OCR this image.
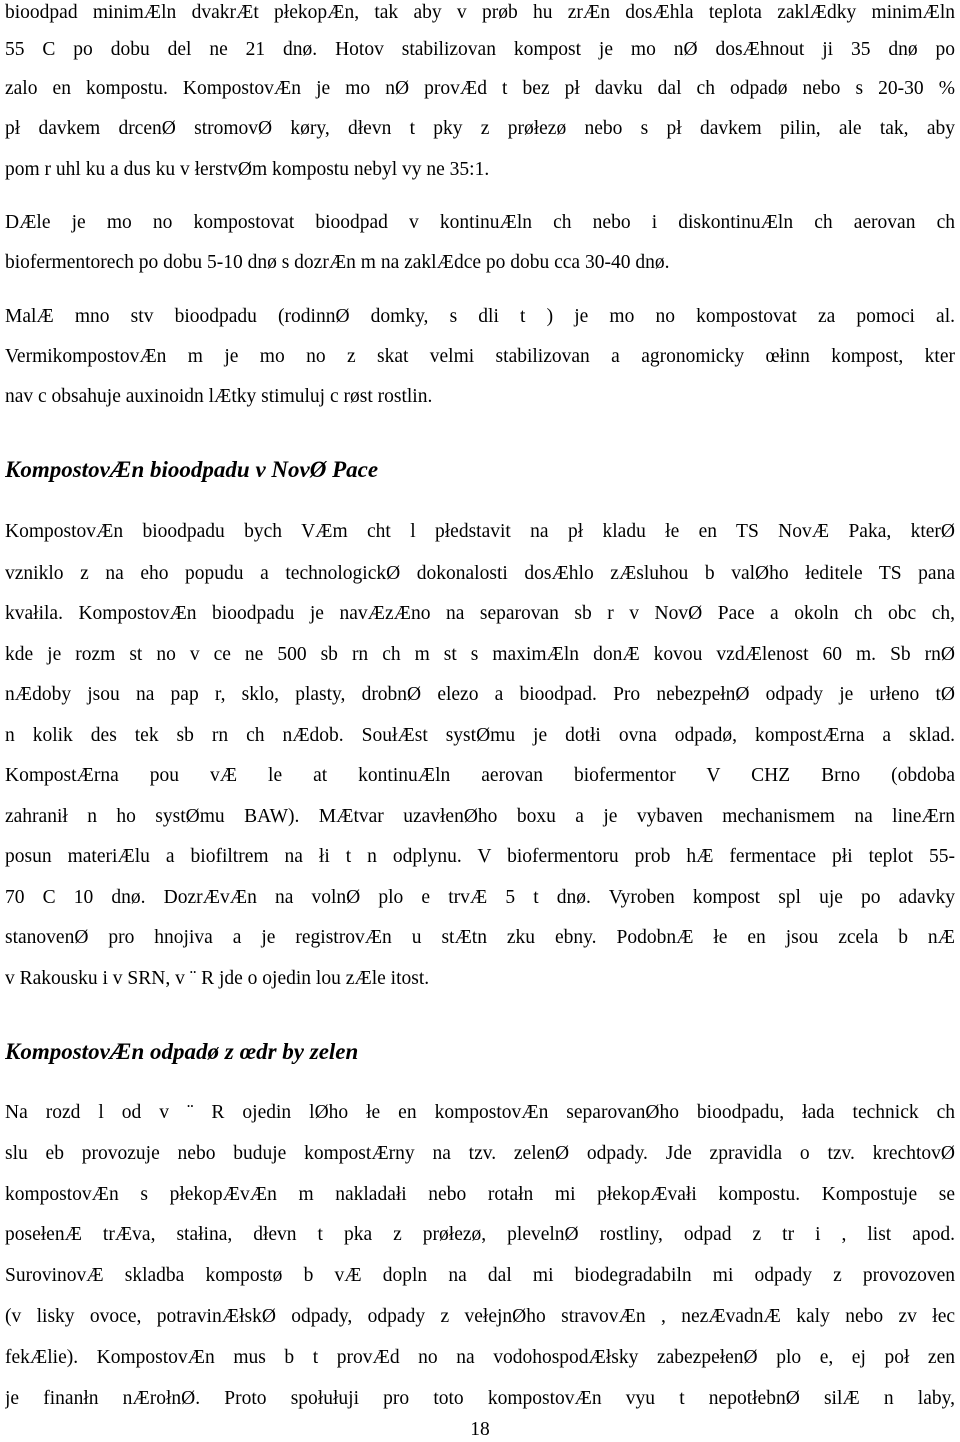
bioodpad minimÆln dvakrÆt płekopÆn, tak aby v prøb hu zrÆn dosÆhla teplota zaklÆdky minimÆln
55 C po dobu del ne 21 dnø. Hotov stabilizovan kompost je mo nØ dosÆhnout ji 35 dnø po
zalo en kompostu. KompostovÆn je mo nØ provÆd t bez pł davku dal ch odpadø nebo s 20-30 %
pł davkem drcenØ stromovØ køry, dłevn t pky z prøłezø nebo s pł davkem pilin, ale tak, aby
pom r uhl ku a dus ku v łerstvØm kompostu nebyl vy ne 35:1.
DÆle je mo no kompostovat bioodpad v kontinuÆln ch nebo i diskontinuÆln ch aerovan ch
biofermentorech po dobu 5-10 dnø s dozrÆn m na zaklÆdce po dobu cca 30-40 dnø.
MalÆ mno stv bioodpadu (rodinnØ domky, s dli t ) je mo no kompostovat za pomoci al.
VermikompostovÆn m je mo no z skat velmi stabilizovan a agronomicky œłinn kompost, kter
nav c obsahuje auxinoidn lÆtky stimuluj c røst rostlin.
KompostovÆn bioodpadu v NovØ Pace
KompostovÆn bioodpadu bych VÆm cht l płedstavit na pł kladu łe en TS NovÆ Paka, kterØ
vzniklo z na eho popudu a technologickØ dokonalosti dosÆhlo zÆsluhou b valØho łeditele TS pana
kvałila. KompostovÆn bioodpadu je navÆzÆno na separovan sb r v NovØ Pace a okoln ch obc ch,
kde je rozm st no v ce ne 500 sb rn ch m st s maximÆln donÆ kovou vzdÆlenost 60 m. Sb rnØ
nÆdoby jsou na pap r, sklo, plasty, drobnØ elezo a bioodpad. Pro nebezpełnØ odpady je urłeno tØ
n kolik des tek sb rn ch nÆdob. SoułÆst systØmu je dotłi ovna odpadø, kompostÆrna a sklad.
KompostÆrna pou vÆ le at kontinuÆln aerovan biofermentor V CHZ Brno (obdoba
zahranił n ho systØmu BAW). MÆtvar uzavłenØho boxu a je vybaven mechanismem na lineÆrn
posun materiÆlu a biofiltrem na łi t n odplynu. V biofermentoru prob hÆ fermentace płi teplot 55-
70 C 10 dnø. DozrÆvÆn na volnØ plo e trvÆ 5 t dnø. Vyroben kompost spl uje po adavky
stanovenØ pro hnojiva a je registrovÆn u stÆtn zku ebny. PodobnÆ łe en jsou zcela b nÆ
v Rakousku i v SRN, v ¨ R jde o ojedin lou zÆle itost.
KompostovÆn odpadø z œdr by zelen
Na rozd l od v ¨ R ojedin lØho łe en kompostovÆn separovanØho bioodpadu, łada technick ch
slu eb provozuje nebo buduje kompostÆrny na tzv. zelenØ odpady. Jde zpravidla o tzv. krechtovØ
kompostovÆn s płekopÆvÆn m nakladałi nebo rotałn mi płekopÆvałi kompostu. Kompostuje se
posełenÆ trÆva, stałina, dłevn t pka z prøłezø, plevelnØ rostliny, odpad z tr i , list apod.
SurovinovÆ skladba kompostø b vÆ dopln na dal mi biodegradabiln mi odpady z provozoven
(v lisky ovoce, potravinÆłskØ odpady, odpady z vełejnØho stravovÆn , nezÆvadnÆ kaly nebo zv łec
fekÆlie). KompostovÆn mus b t provÆd no na vodohospodÆłsky zabezpełenØ plo e, ej poł zen
je finanłn nÆrołnØ. Proto społułuji pro toto kompostovÆn vyu t nepotłebnØ silÆ n laby,
18
